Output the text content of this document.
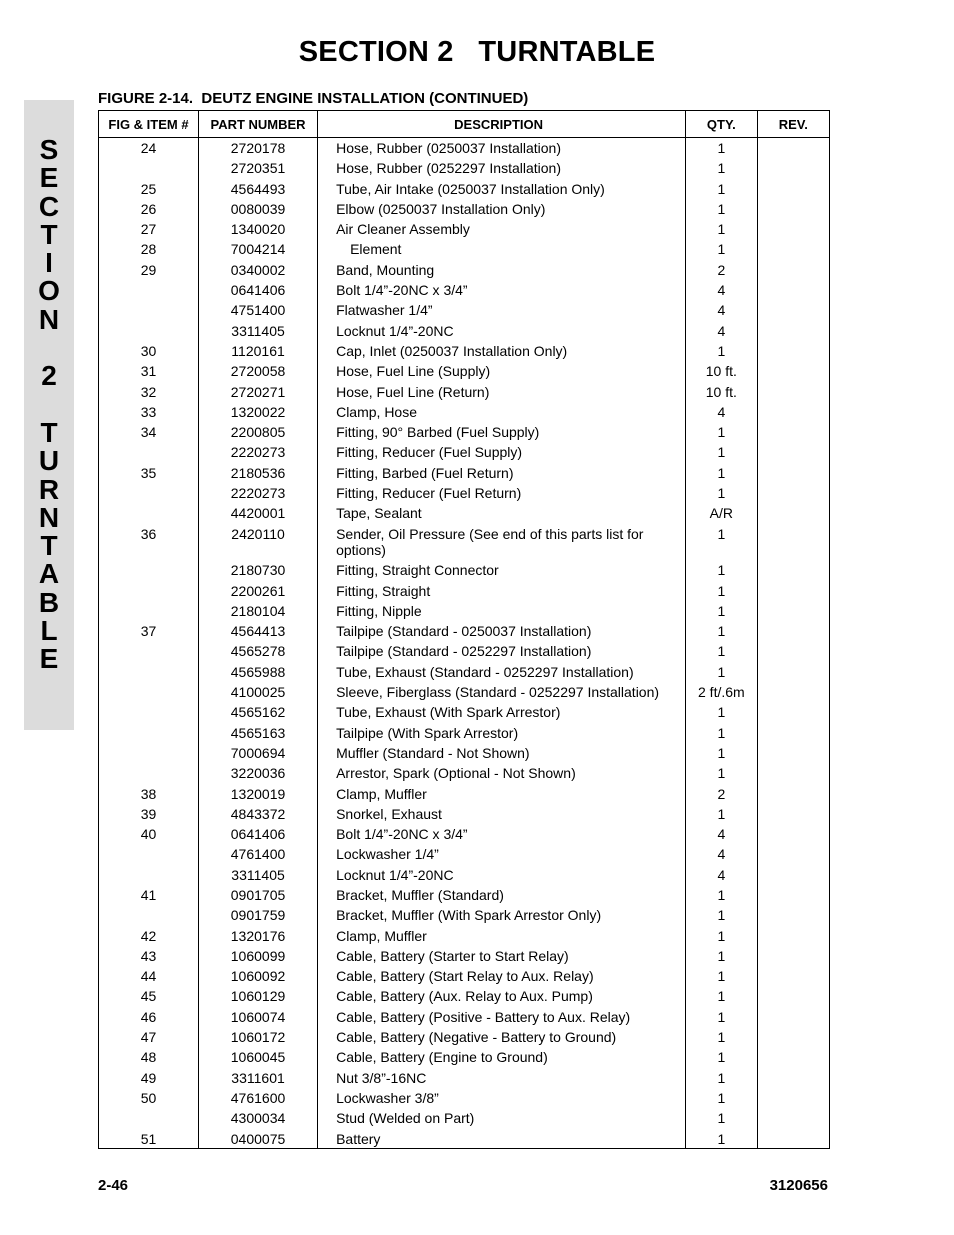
SECTION 2   TURNTABLE
S
E
C
T
I
O
N

2

T
U
R
N
T
A
B
L
E
FIGURE 2-14.  DEUTZ ENGINE INSTALLATION (CONTINUED)
FIG & ITEM #	PART NUMBER	DESCRIPTION	QTY.	REV.
24	2720178	Hose, Rubber (0250037 Installation)	1	
	2720351	Hose, Rubber (0252297 Installation)	1	
25	4564493	Tube, Air Intake (0250037 Installation Only)	1	
26	0080039	Elbow (0250037 Installation Only)	1	
27	1340020	Air Cleaner Assembly	1	
28	7004214	Element	1	
29	0340002	Band, Mounting	2	
	0641406	Bolt 1/4”-20NC x 3/4”	4	
	4751400	Flatwasher 1/4”	4	
	3311405	Locknut 1/4”-20NC	4	
30	1120161	Cap, Inlet (0250037 Installation Only)	1	
31	2720058	Hose, Fuel Line (Supply)	10 ft.	
32	2720271	Hose, Fuel Line (Return)	10 ft.	
33	1320022	Clamp, Hose	4	
34	2200805	Fitting, 90° Barbed (Fuel Supply)	1	
	2220273	Fitting, Reducer (Fuel Supply)	1	
35	2180536	Fitting, Barbed (Fuel Return)	1	
	2220273	Fitting, Reducer (Fuel Return)	1	
	4420001	Tape, Sealant	A/R	
36	2420110	Sender, Oil Pressure (See end of this parts list for options)	1	
	2180730	Fitting, Straight Connector	1	
	2200261	Fitting, Straight	1	
	2180104	Fitting, Nipple	1	
37	4564413	Tailpipe (Standard - 0250037 Installation)	1	
	4565278	Tailpipe (Standard - 0252297 Installation)	1	
	4565988	Tube, Exhaust (Standard - 0252297 Installation)	1	
	4100025	Sleeve, Fiberglass (Standard - 0252297 Installation)	2 ft/.6m	
	4565162	Tube, Exhaust (With Spark Arrestor)	1	
	4565163	Tailpipe (With Spark Arrestor)	1	
	7000694	Muffler (Standard - Not Shown)	1	
	3220036	Arrestor, Spark (Optional - Not Shown)	1	
38	1320019	Clamp, Muffler	2	
39	4843372	Snorkel, Exhaust	1	
40	0641406	Bolt 1/4”-20NC x 3/4”	4	
	4761400	Lockwasher 1/4”	4	
	3311405	Locknut 1/4”-20NC	4	
41	0901705	Bracket, Muffler (Standard)	1	
	0901759	Bracket, Muffler (With Spark Arrestor Only)	1	
42	1320176	Clamp, Muffler	1	
43	1060099	Cable, Battery (Starter to Start Relay)	1	
44	1060092	Cable, Battery (Start Relay to Aux. Relay)	1	
45	1060129	Cable, Battery (Aux. Relay to Aux. Pump)	1	
46	1060074	Cable, Battery (Positive - Battery to Aux. Relay)	1	
47	1060172	Cable, Battery (Negative - Battery to Ground)	1	
48	1060045	Cable, Battery (Engine to Ground)	1	
49	3311601	Nut 3/8”-16NC	1	
50	4761600	Lockwasher 3/8”	1	
	4300034	Stud (Welded on Part)	1	
51	0400075	Battery	1	
2-46	3120656
